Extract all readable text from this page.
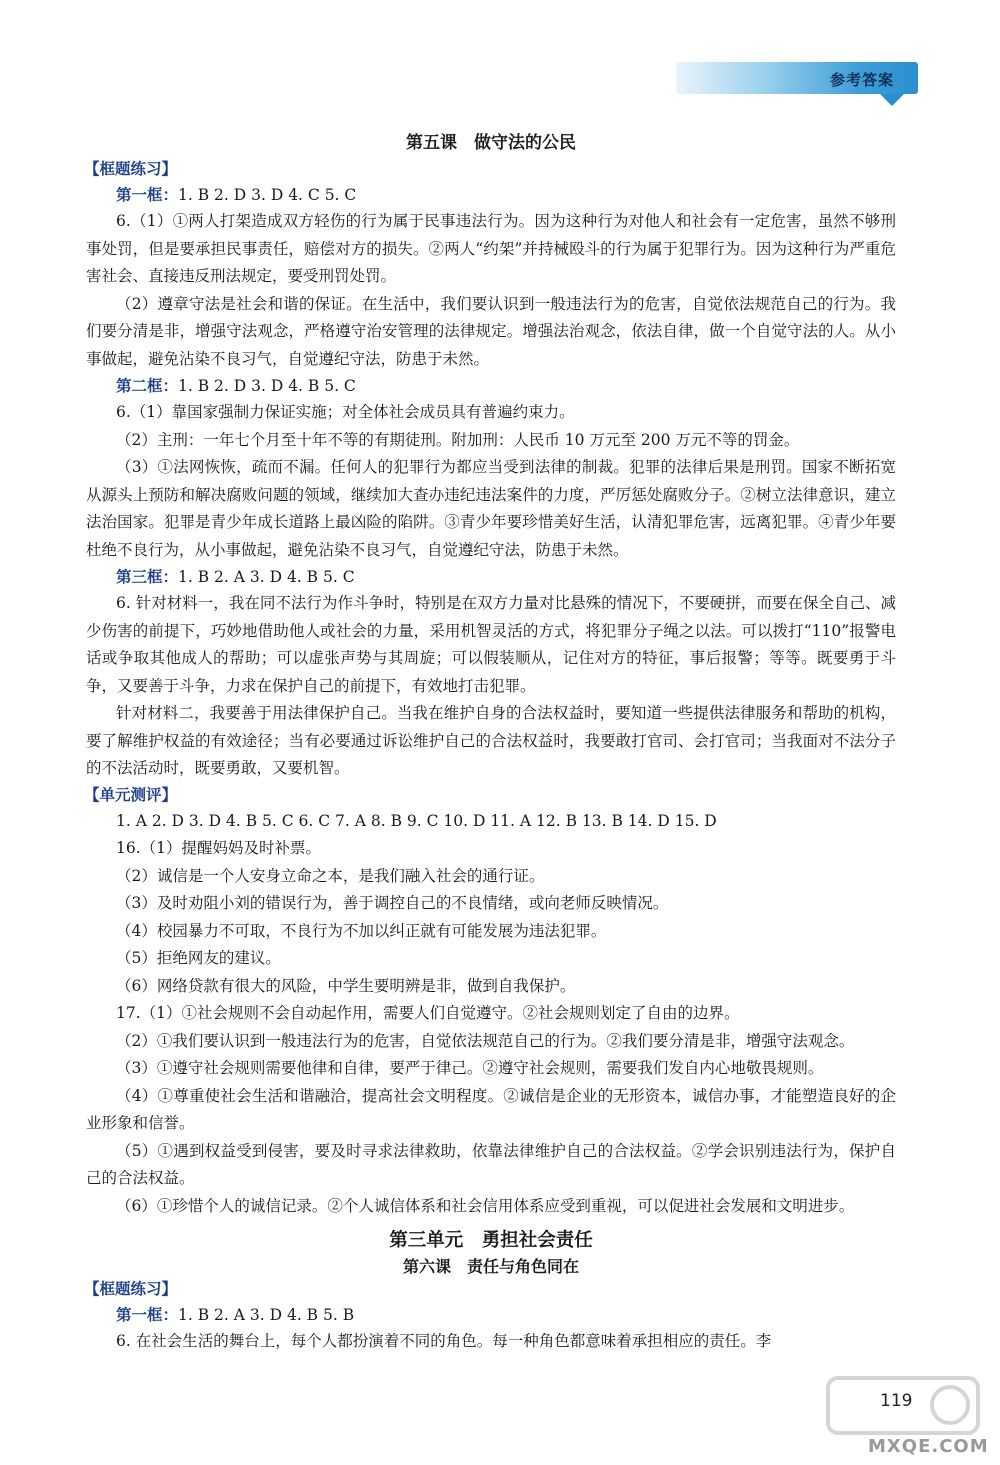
参考答案
第五课　做守法的公民
【框题练习】

第一框：1. B 2. D 3. D 4. C 5. C

6.（1）①两人打架造成双方轻伤的行为属于民事违法行为。因为这种行为对他人和社会有一定危害，虽然不够刑事处罚，但是要承担民事责任，赔偿对方的损失。②两人“约架”并持械殴斗的行为属于犯罪行为。因为这种行为严重危害社会、直接违反刑法规定，要受刑罚处罚。

（2）遵章守法是社会和谐的保证。在生活中，我们要认识到一般违法行为的危害，自觉依法规范自己的行为。我们要分清是非，增强守法观念，严格遵守治安管理的法律规定。增强法治观念，依法自律，做一个自觉守法的人。从小事做起，避免沾染不良习气，自觉遵纪守法，防患于未然。

第二框：1. B 2. D 3. D 4. B 5. C

6.（1）靠国家强制力保证实施；对全体社会成员具有普遍约束力。

（2）主刑：一年七个月至十年不等的有期徒刑。附加刑：人民币 10 万元至 200 万元不等的罚金。

（3）①法网恢恢，疏而不漏。任何人的犯罪行为都应当受到法律的制裁。犯罪的法律后果是刑罚。国家不断拓宽从源头上预防和解决腐败问题的领域，继续加大查办违纪违法案件的力度，严厉惩处腐败分子。②树立法律意识，建立法治国家。犯罪是青少年成长道路上最凶险的陷阱。③青少年要珍惜美好生活，认清犯罪危害，远离犯罪。④青少年要杜绝不良行为，从小事做起，避免沾染不良习气，自觉遵纪守法，防患于未然。

第三框：1. B 2. A 3. D 4. B 5. C

6. 针对材料一，我在同不法行为作斗争时，特别是在双方力量对比悬殊的情况下，不要硬拼，而要在保全自己、减少伤害的前提下，巧妙地借助他人或社会的力量，采用机智灵活的方式，将犯罪分子绳之以法。可以拨打“110”报警电话或争取其他成人的帮助；可以虚张声势与其周旋；可以假装顺从，记住对方的特征，事后报警；等等。既要勇于斗争，又要善于斗争，力求在保护自己的前提下，有效地打击犯罪。

针对材料二，我要善于用法律保护自己。当我在维护自身的合法权益时，要知道一些提供法律服务和帮助的机构，要了解维护权益的有效途径；当有必要通过诉讼维护自己的合法权益时，我要敢打官司、会打官司；当我面对不法分子的不法活动时，既要勇敢，又要机智。

【单元测评】

1. A 2. D 3. D 4. B 5. C 6. C 7. A 8. B 9. C 10. D 11. A 12. B 13. B 14. D 15. D

16.（1）提醒妈妈及时补票。

（2）诚信是一个人安身立命之本，是我们融入社会的通行证。

（3）及时劝阻小刘的错误行为，善于调控自己的不良情绪，或向老师反映情况。

（4）校园暴力不可取，不良行为不加以纠正就有可能发展为违法犯罪。

（5）拒绝网友的建议。

（6）网络贷款有很大的风险，中学生要明辨是非，做到自我保护。

17.（1）①社会规则不会自动起作用，需要人们自觉遵守。②社会规则划定了自由的边界。

（2）①我们要认识到一般违法行为的危害，自觉依法规范自己的行为。②我们要分清是非，增强守法观念。

（3）①遵守社会规则需要他律和自律，要严于律己。②遵守社会规则，需要我们发自内心地敬畏规则。

（4）①尊重使社会生活和谐融洽，提高社会文明程度。②诚信是企业的无形资本，诚信办事，才能塑造良好的企业形象和信誉。

（5）①遇到权益受到侵害，要及时寻求法律救助，依靠法律维护自己的合法权益。②学会识别违法行为，保护自己的合法权益。

（6）①珍惜个人的诚信记录。②个人诚信体系和社会信用体系应受到重视，可以促进社会发展和文明进步。

第三单元　勇担社会责任
第六课　责任与角色同在
【框题练习】

第一框：1. B 2. A 3. D 4. B 5. B

6. 在社会生活的舞台上，每个人都扮演着不同的角色。每一种角色都意味着承担相应的责任。李

119
MXQE.COM
